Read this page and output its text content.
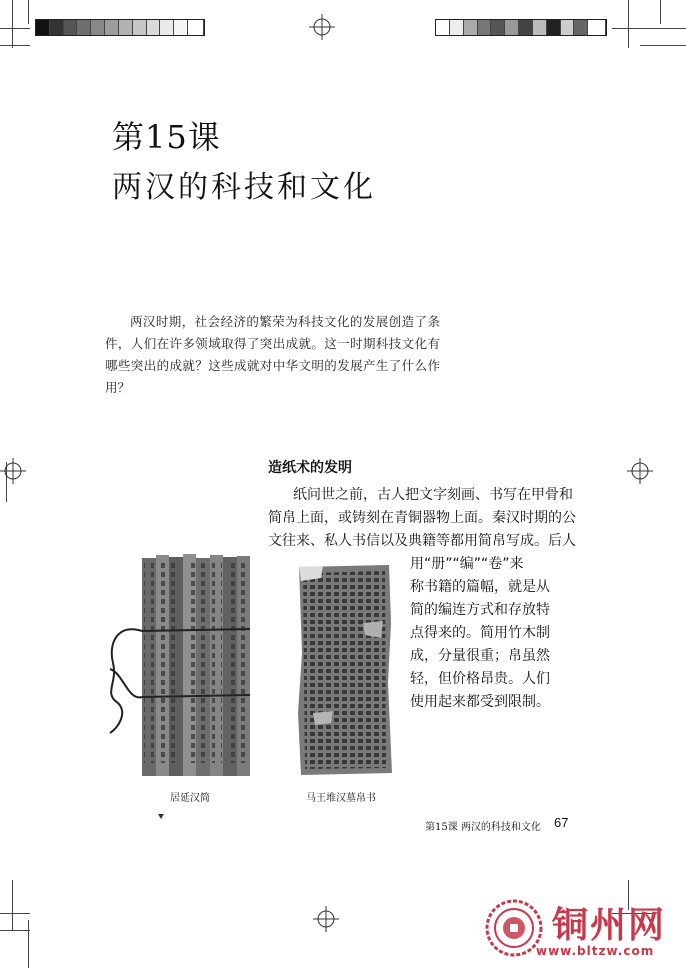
第15课
两汉的科技和文化
两汉时期，社会经济的繁荣为科技文化的发展创造了条件，人们在许多领域取得了突出成就。这一时期科技文化有哪些突出的成就？这些成就对中华文明的发展产生了什么作用？
造纸术的发明
纸问世之前，古人把文字刻画、书写在甲骨和
简帛上面，或铸刻在青铜器物上面。秦汉时期的公
文往来、私人书信以及典籍等都用简帛写成。后人
用“册”“编”“卷”来
称书籍的篇幅，就是从
简的编连方式和存放特
点得来的。简用竹木制
成，分量很重；帛虽然
轻，但价格昂贵。人们
使用起来都受到限制。
居延汉简	马王堆汉墓帛书
第15课 两汉的科技和文化 67
铜州网
www.bltzw.com
